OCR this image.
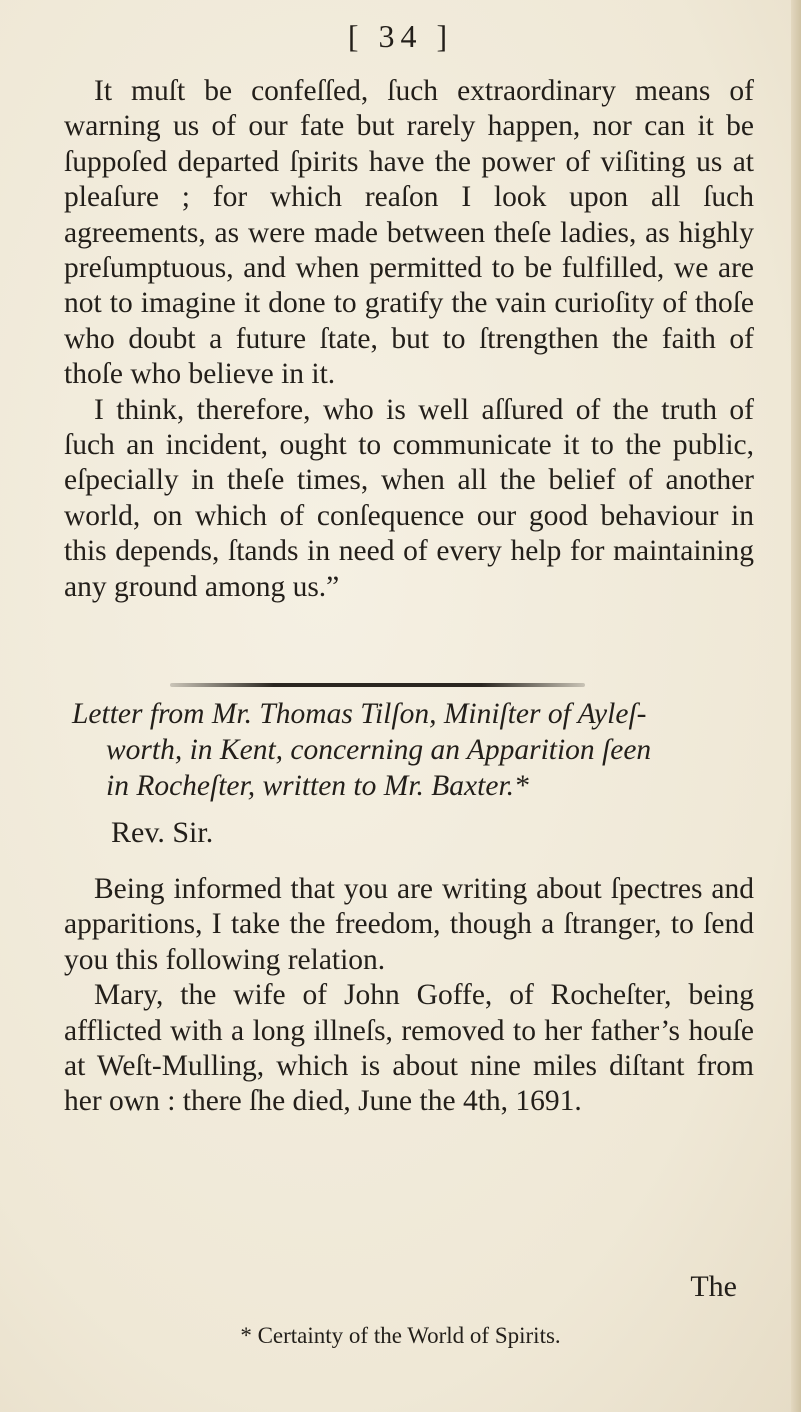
[ 34 ]

It muſt be confeſſed, ſuch extraordinary means of warning us of our fate but rarely happen, nor can it be ſuppoſed departed ſpirits have the power of viſiting us at pleaſure ; for which reaſon I look upon all ſuch agreements, as were made between theſe ladies, as highly preſumptuous, and when permitted to be fulfilled, we are not to imagine it done to gratify the vain curioſity of thoſe who doubt a future ſtate, but to ſtrengthen the faith of thoſe who believe in it.

I think, therefore, who is well aſſured of the truth of ſuch an incident, ought to communicate it to the public, eſpecially in theſe times, when all the belief of another world, on which of conſequence our good behaviour in this depends, ſtands in need of every help for maintaining any ground among us.”

Letter from Mr. Thomas Tilſon, Miniſter of Aylеſ-
worth, in Kent, concerning an Apparition ſeen
in Rocheſter, written to Mr. Baxter.*
Rev. Sir.

Being informed that you are writing about ſpectres and apparitions, I take the freedom, though a ſtranger, to ſend you this following relation.

Mary, the wife of John Goffe, of Rocheſter, being afflicted with a long illneſs, removed to her father’s houſe at Weſt-Mulling, which is about nine miles diſtant from her own : there ſhe died, June the 4th, 1691.

The
* Certainty of the World of Spirits.
